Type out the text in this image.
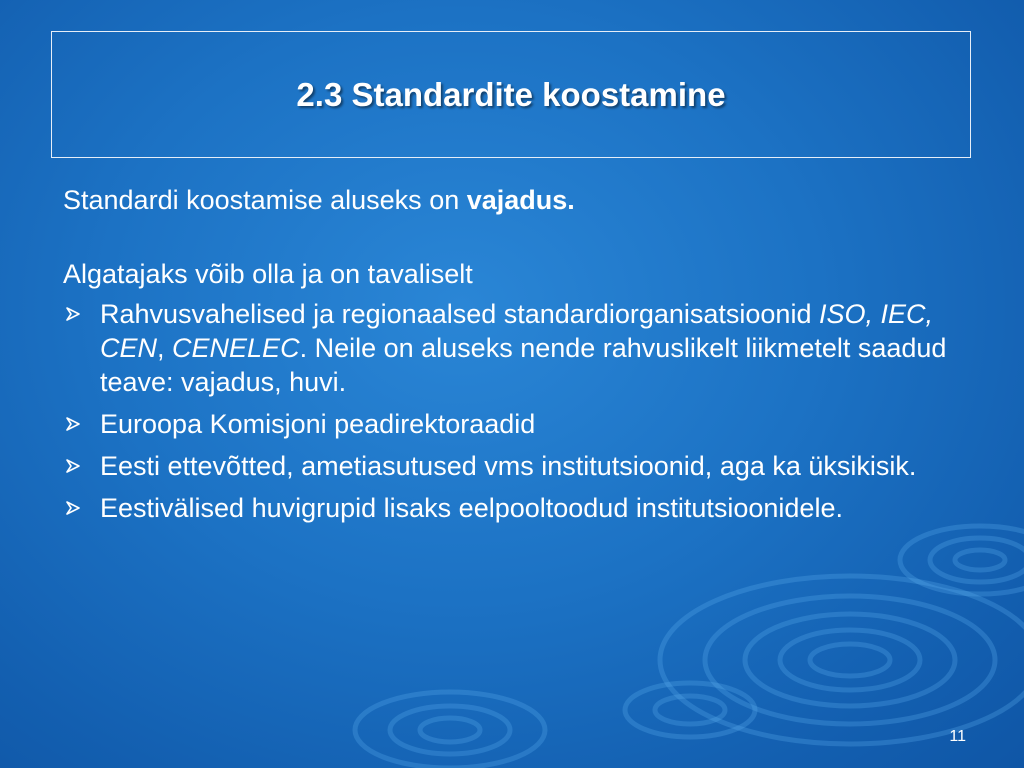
2.3 Standardite koostamine

Standardi koostamise aluseks on vajadus.

Algatajaks võib olla ja on tavaliselt

Rahvusvahelised ja regionaalsed standardiorganisatsioonid ISO, IEC, CEN, CENELEC. Neile on aluseks nende rahvuslikelt liikmetelt saadud teave: vajadus, huvi.
Euroopa Komisjoni peadirektoraadid
Eesti ettevõtted, ametiasutused vms institutsioonid, aga ka üksikisik.
Eestivälised huvigrupid lisaks eelpooltoodud institutsioonidele.
11
